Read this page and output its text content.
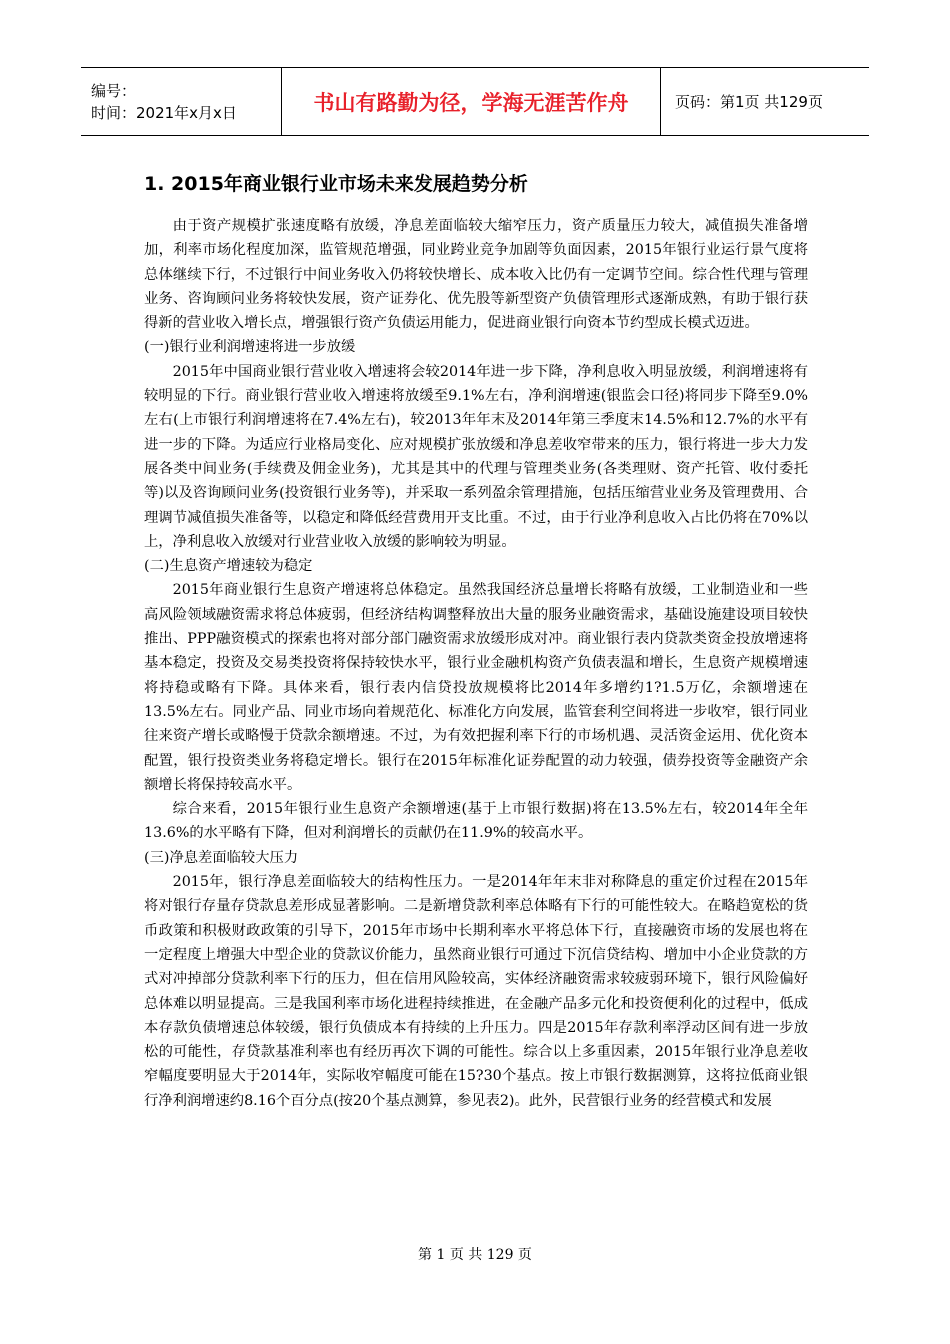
编号：
时间：2021年x月x日	书山有路勤为径，学海无涯苦作舟	页码：第1页 共129页
1. 2015年商业银行业市场未来发展趋势分析

由于资产规模扩张速度略有放缓，净息差面临较大缩窄压力，资产质量压力较大，减值损失准备增加，利率市场化程度加深，监管规范增强，同业跨业竞争加剧等负面因素，2015年银行业运行景气度将总体继续下行，不过银行中间业务收入仍将较快增长、成本收入比仍有一定调节空间。综合性代理与管理业务、咨询顾问业务将较快发展，资产证券化、优先股等新型资产负债管理形式逐渐成熟，有助于银行获得新的营业收入增长点，增强银行资产负债运用能力，促进商业银行向资本节约型成长模式迈进。

(一)银行业利润增速将进一步放缓

2015年中国商业银行营业收入增速将会较2014年进一步下降，净利息收入明显放缓，利润增速将有较明显的下行。商业银行营业收入增速将放缓至9.1%左右，净利润增速(银监会口径)将同步下降至9.0%左右(上市银行利润增速将在7.4%左右)，较2013年年末及2014年第三季度末14.5%和12.7%的水平有进一步的下降。为适应行业格局变化、应对规模扩张放缓和净息差收窄带来的压力，银行将进一步大力发展各类中间业务(手续费及佣金业务)，尤其是其中的代理与管理类业务(各类理财、资产托管、收付委托等)以及咨询顾问业务(投资银行业务等)，并采取一系列盈余管理措施，包括压缩营业业务及管理费用、合理调节减值损失准备等，以稳定和降低经营费用开支比重。不过，由于行业净利息收入占比仍将在70%以上，净利息收入放缓对行业营业收入放缓的影响较为明显。

(二)生息资产增速较为稳定

2015年商业银行生息资产增速将总体稳定。虽然我国经济总量增长将略有放缓，工业制造业和一些高风险领域融资需求将总体疲弱，但经济结构调整释放出大量的服务业融资需求，基础设施建设项目较快推出、PPP融资模式的探索也将对部分部门融资需求放缓形成对冲。商业银行表内贷款类资金投放增速将基本稳定，投资及交易类投资将保持较快水平，银行业金融机构资产负债表温和增长，生息资产规模增速将持稳或略有下降。具体来看，银行表内信贷投放规模将比2014年多增约1?1.5万亿，余额增速在13.5%左右。同业产品、同业市场向着规范化、标准化方向发展，监管套利空间将进一步收窄，银行同业往来资产增长或略慢于贷款余额增速。不过，为有效把握利率下行的市场机遇、灵活资金运用、优化资本配置，银行投资类业务将稳定增长。银行在2015年标准化证券配置的动力较强，债券投资等金融资产余额增长将保持较高水平。

综合来看，2015年银行业生息资产余额增速(基于上市银行数据)将在13.5%左右，较2014年全年13.6%的水平略有下降，但对利润增长的贡献仍在11.9%的较高水平。

(三)净息差面临较大压力

2015年，银行净息差面临较大的结构性压力。一是2014年年末非对称降息的重定价过程在2015年将对银行存量存贷款息差形成显著影响。二是新增贷款利率总体略有下行的可能性较大。在略趋宽松的货币政策和积极财政政策的引导下，2015年市场中长期利率水平将总体下行，直接融资市场的发展也将在一定程度上增强大中型企业的贷款议价能力，虽然商业银行可通过下沉信贷结构、增加中小企业贷款的方式对冲掉部分贷款利率下行的压力，但在信用风险较高，实体经济融资需求较疲弱环境下，银行风险偏好总体难以明显提高。三是我国利率市场化进程持续推进，在金融产品多元化和投资便利化的过程中，低成本存款负债增速总体较缓，银行负债成本有持续的上升压力。四是2015年存款利率浮动区间有进一步放松的可能性，存贷款基准利率也有经历再次下调的可能性。综合以上多重因素，2015年银行业净息差收窄幅度要明显大于2014年，实际收窄幅度可能在15?30个基点。按上市银行数据测算，这将拉低商业银行净利润增速约8.16个百分点(按20个基点测算，参见表2)。此外，民营银行业务的经营模式和发展

第 1 页 共 129 页
